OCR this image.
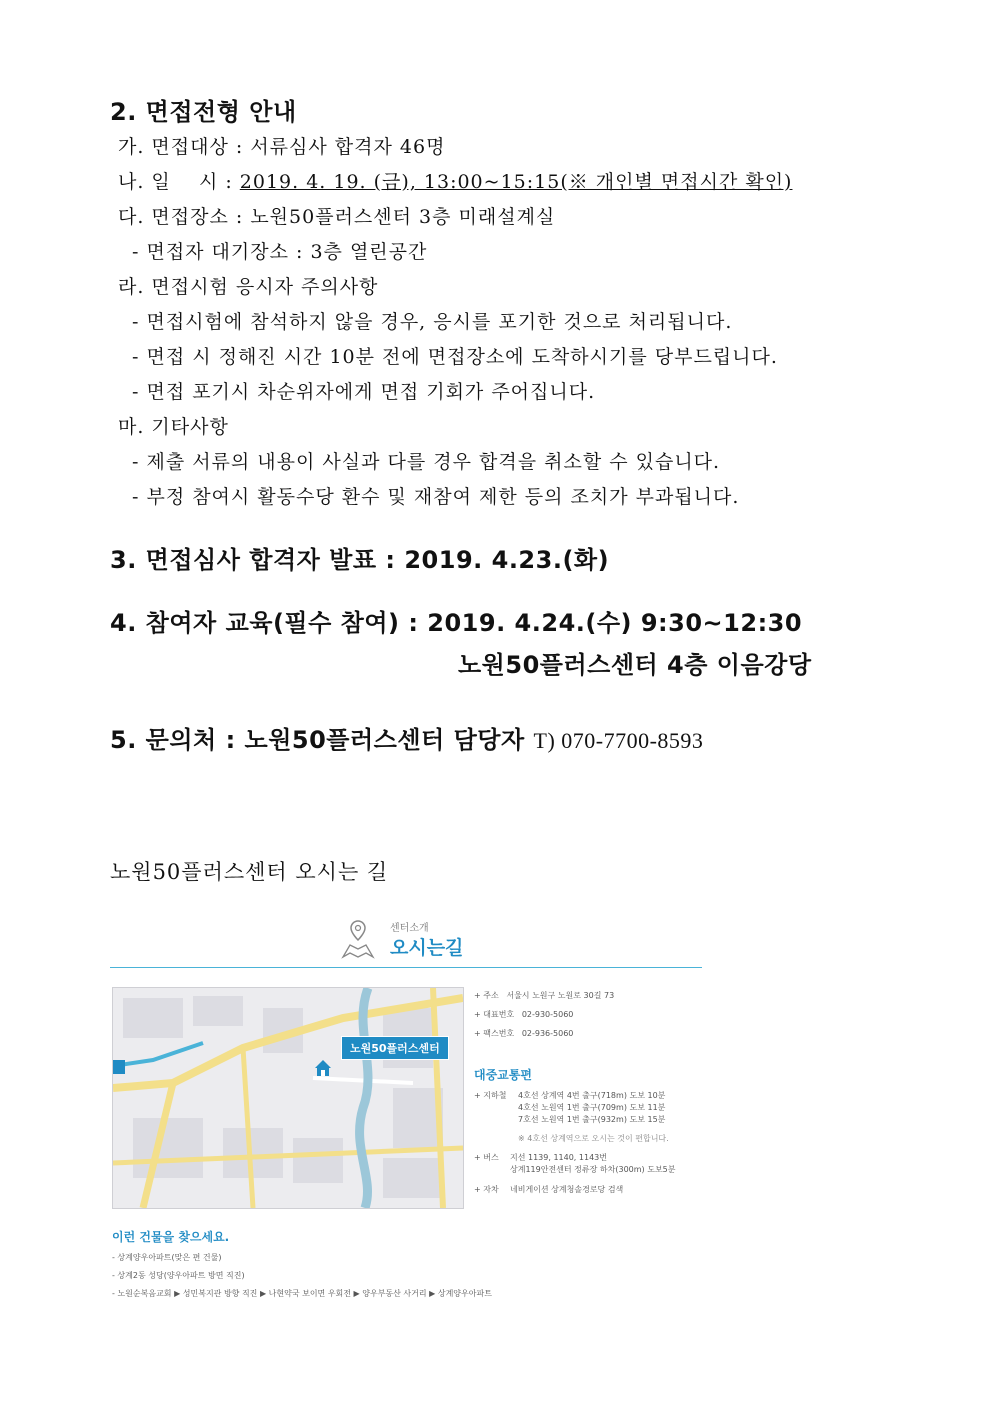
2. 면접전형 안내
가. 면접대상 : 서류심사 합격자 46명
나. 일    시 : 2019. 4. 19. (금), 13:00~15:15(※ 개인별 면접시간 확인)
다. 면접장소 : 노원50플러스센터 3층 미래설계실
- 면접자 대기장소 : 3층 열린공간
라. 면접시험 응시자 주의사항
- 면접시험에 참석하지 않을 경우, 응시를 포기한 것으로 처리됩니다.
- 면접 시 정해진 시간 10분 전에 면접장소에 도착하시기를 당부드립니다.
- 면접 포기시 차순위자에게 면접 기회가 주어집니다.
마. 기타사항
- 제출 서류의 내용이 사실과 다를 경우 합격을 취소할 수 있습니다.
- 부정 참여시 활동수당 환수 및 재참여 제한 등의 조치가 부과됩니다.
3. 면접심사 합격자 발표 : 2019. 4.23.(화)
4. 참여자 교육(필수 참여) : 2019. 4.24.(수) 9:30~12:30
노원50플러스센터 4층 이음강당
5. 문의처 : 노원50플러스센터 담당자 T) 070-7700-8593
노원50플러스센터 오시는 길
센터소개
오시는길
노원50플러스센터
+ 주소 서울시 노원구 노원로 30길 73
+ 대표번호 02-930-5060
+ 팩스번호 02-936-5060
대중교통편
+ 지하철 4호선 상계역 4번 출구(718m) 도보 10분
4호선 노원역 1번 출구(709m) 도보 11분
7호선 노원역 1번 출구(932m) 도보 15분
※ 4호선 상계역으로 오시는 것이 편합니다.
+ 버스 지선 1139, 1140, 1143번
상계119안전센터 정류장 하차(300m) 도보5분
+ 자차 네비게이션 상계청솔경로당 검색
이런 건물을 찾으세요.
- 상계양우아파트(맞은 편 건물)
- 상계2동 성당(양우아파트 방면 직진)
- 노원순복음교회 ▶ 성민복지관 방향 직진 ▶ 나현약국 보이면 우회전 ▶ 양우부동산 사거리 ▶ 상계양우아파트
